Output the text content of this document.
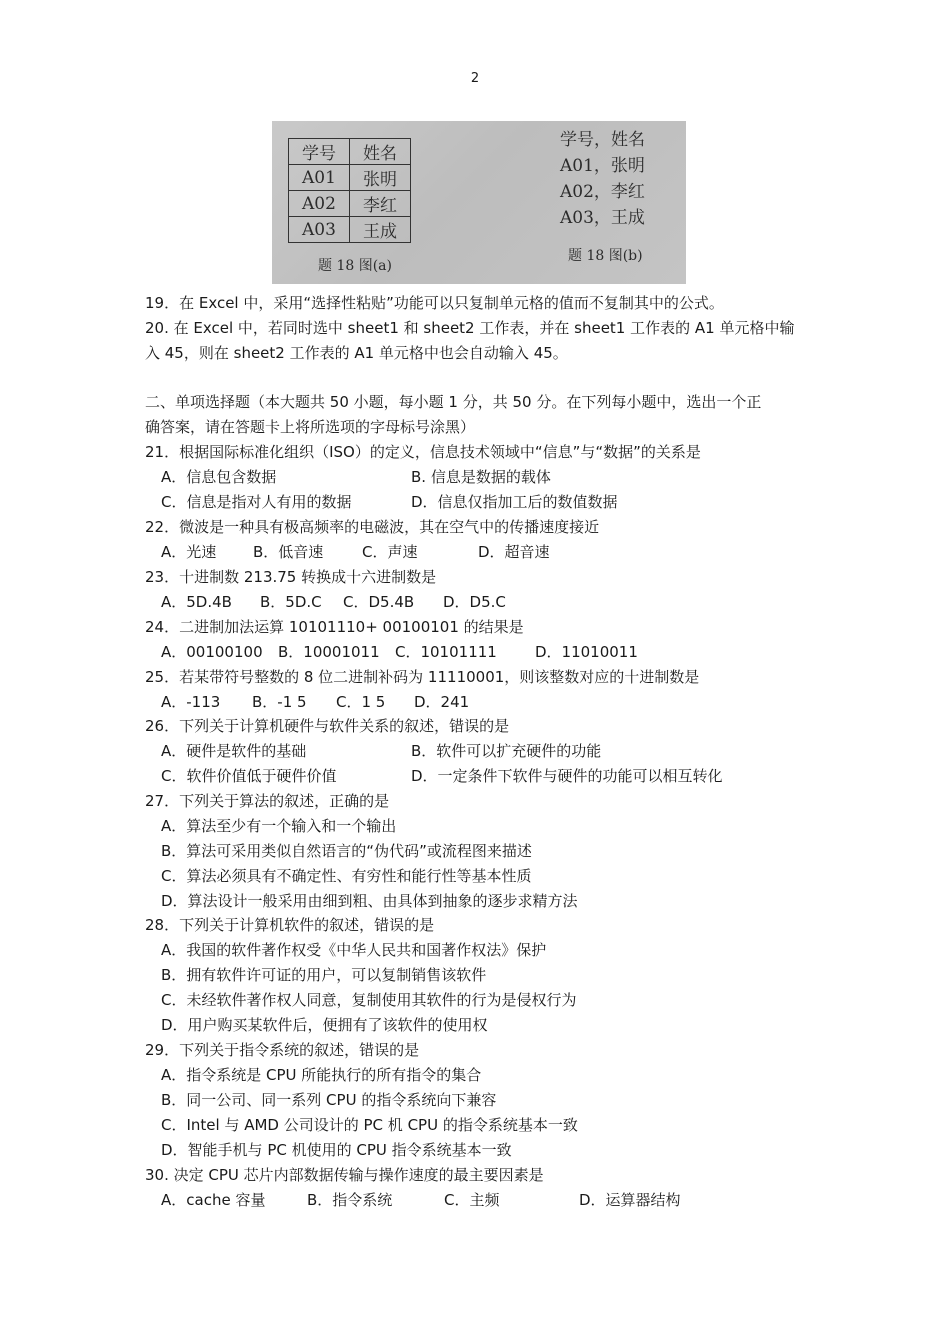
2
学号	姓名
A01	张明
A02	李红
A03	王成
题 18 图(a)
学号，姓名
A01，张明
A02，李红
A03，王成
题 18 图(b)
19．在 Excel 中，采用“选择性粘贴”功能可以只复制单元格的值而不复制其中的公式。
20. 在 Excel 中，若同时选中 sheet1 和 sheet2 工作表，并在 sheet1 工作表的 A1 单元格中输
入 45，则在 sheet2 工作表的 A1 单元格中也会自动输入 45。
二、单项选择题（本大题共 50 小题，每小题 1 分，共 50 分。在下列每小题中，选出一个正
确答案，请在答题卡上将所选项的字母标号涂黑）
21．根据国际标准化组织（ISO）的定义，信息技术领域中“信息”与“数据”的关系是
A．信息包含数据	B. 信息是数据的载体
C．信息是指对人有用的数据	D．信息仅指加工后的数值数据
22．微波是一种具有极高频率的电磁波，其在空气中的传播速度接近
A．光速 B．低音速	C．声速	D．超音速
23．十进制数 213.75 转换成十六进制数是
A．5D.4B B．5D.C C．D5.4B D．D5.C
24．二进制加法运算 10101110+ 00100101 的结果是
A．00100100 B．10001011 C．10101111	D．11010011
25．若某带符号整数的 8 位二进制补码为 11110001，则该整数对应的十进制数是
A．-113 B．-1 5 C．1 5 D．241
26．下列关于计算机硬件与软件关系的叙述，错误的是
A．硬件是软件的基础	B．软件可以扩充硬件的功能
C．软件价值低于硬件价值	D．一定条件下软件与硬件的功能可以相互转化
27．下列关于算法的叙述，正确的是
A．算法至少有一个输入和一个输出
B．算法可采用类似自然语言的“伪代码”或流程图来描述
C．算法必须具有不确定性、有穷性和能行性等基本性质
D．算法设计一般采用由细到粗、由具体到抽象的逐步求精方法
28．下列关于计算机软件的叙述，错误的是
A．我国的软件著作权受《中华人民共和国著作权法》保护
B．拥有软件许可证的用户，可以复制销售该软件
C．未经软件著作权人同意，复制使用其软件的行为是侵权行为
D．用户购买某软件后，便拥有了该软件的使用权
29．下列关于指令系统的叙述，错误的是
A．指令系统是 CPU 所能执行的所有指令的集合
B．同一公司、同一系列 CPU 的指令系统向下兼容
C．Intel 与 AMD 公司设计的 PC 机 CPU 的指令系统基本一致
D．智能手机与 PC 机使用的 CPU 指令系统基本一致
30. 决定 CPU 芯片内部数据传输与操作速度的最主要因素是
A．cache 容量	B．指令系统	C．主频	D．运算器结构
